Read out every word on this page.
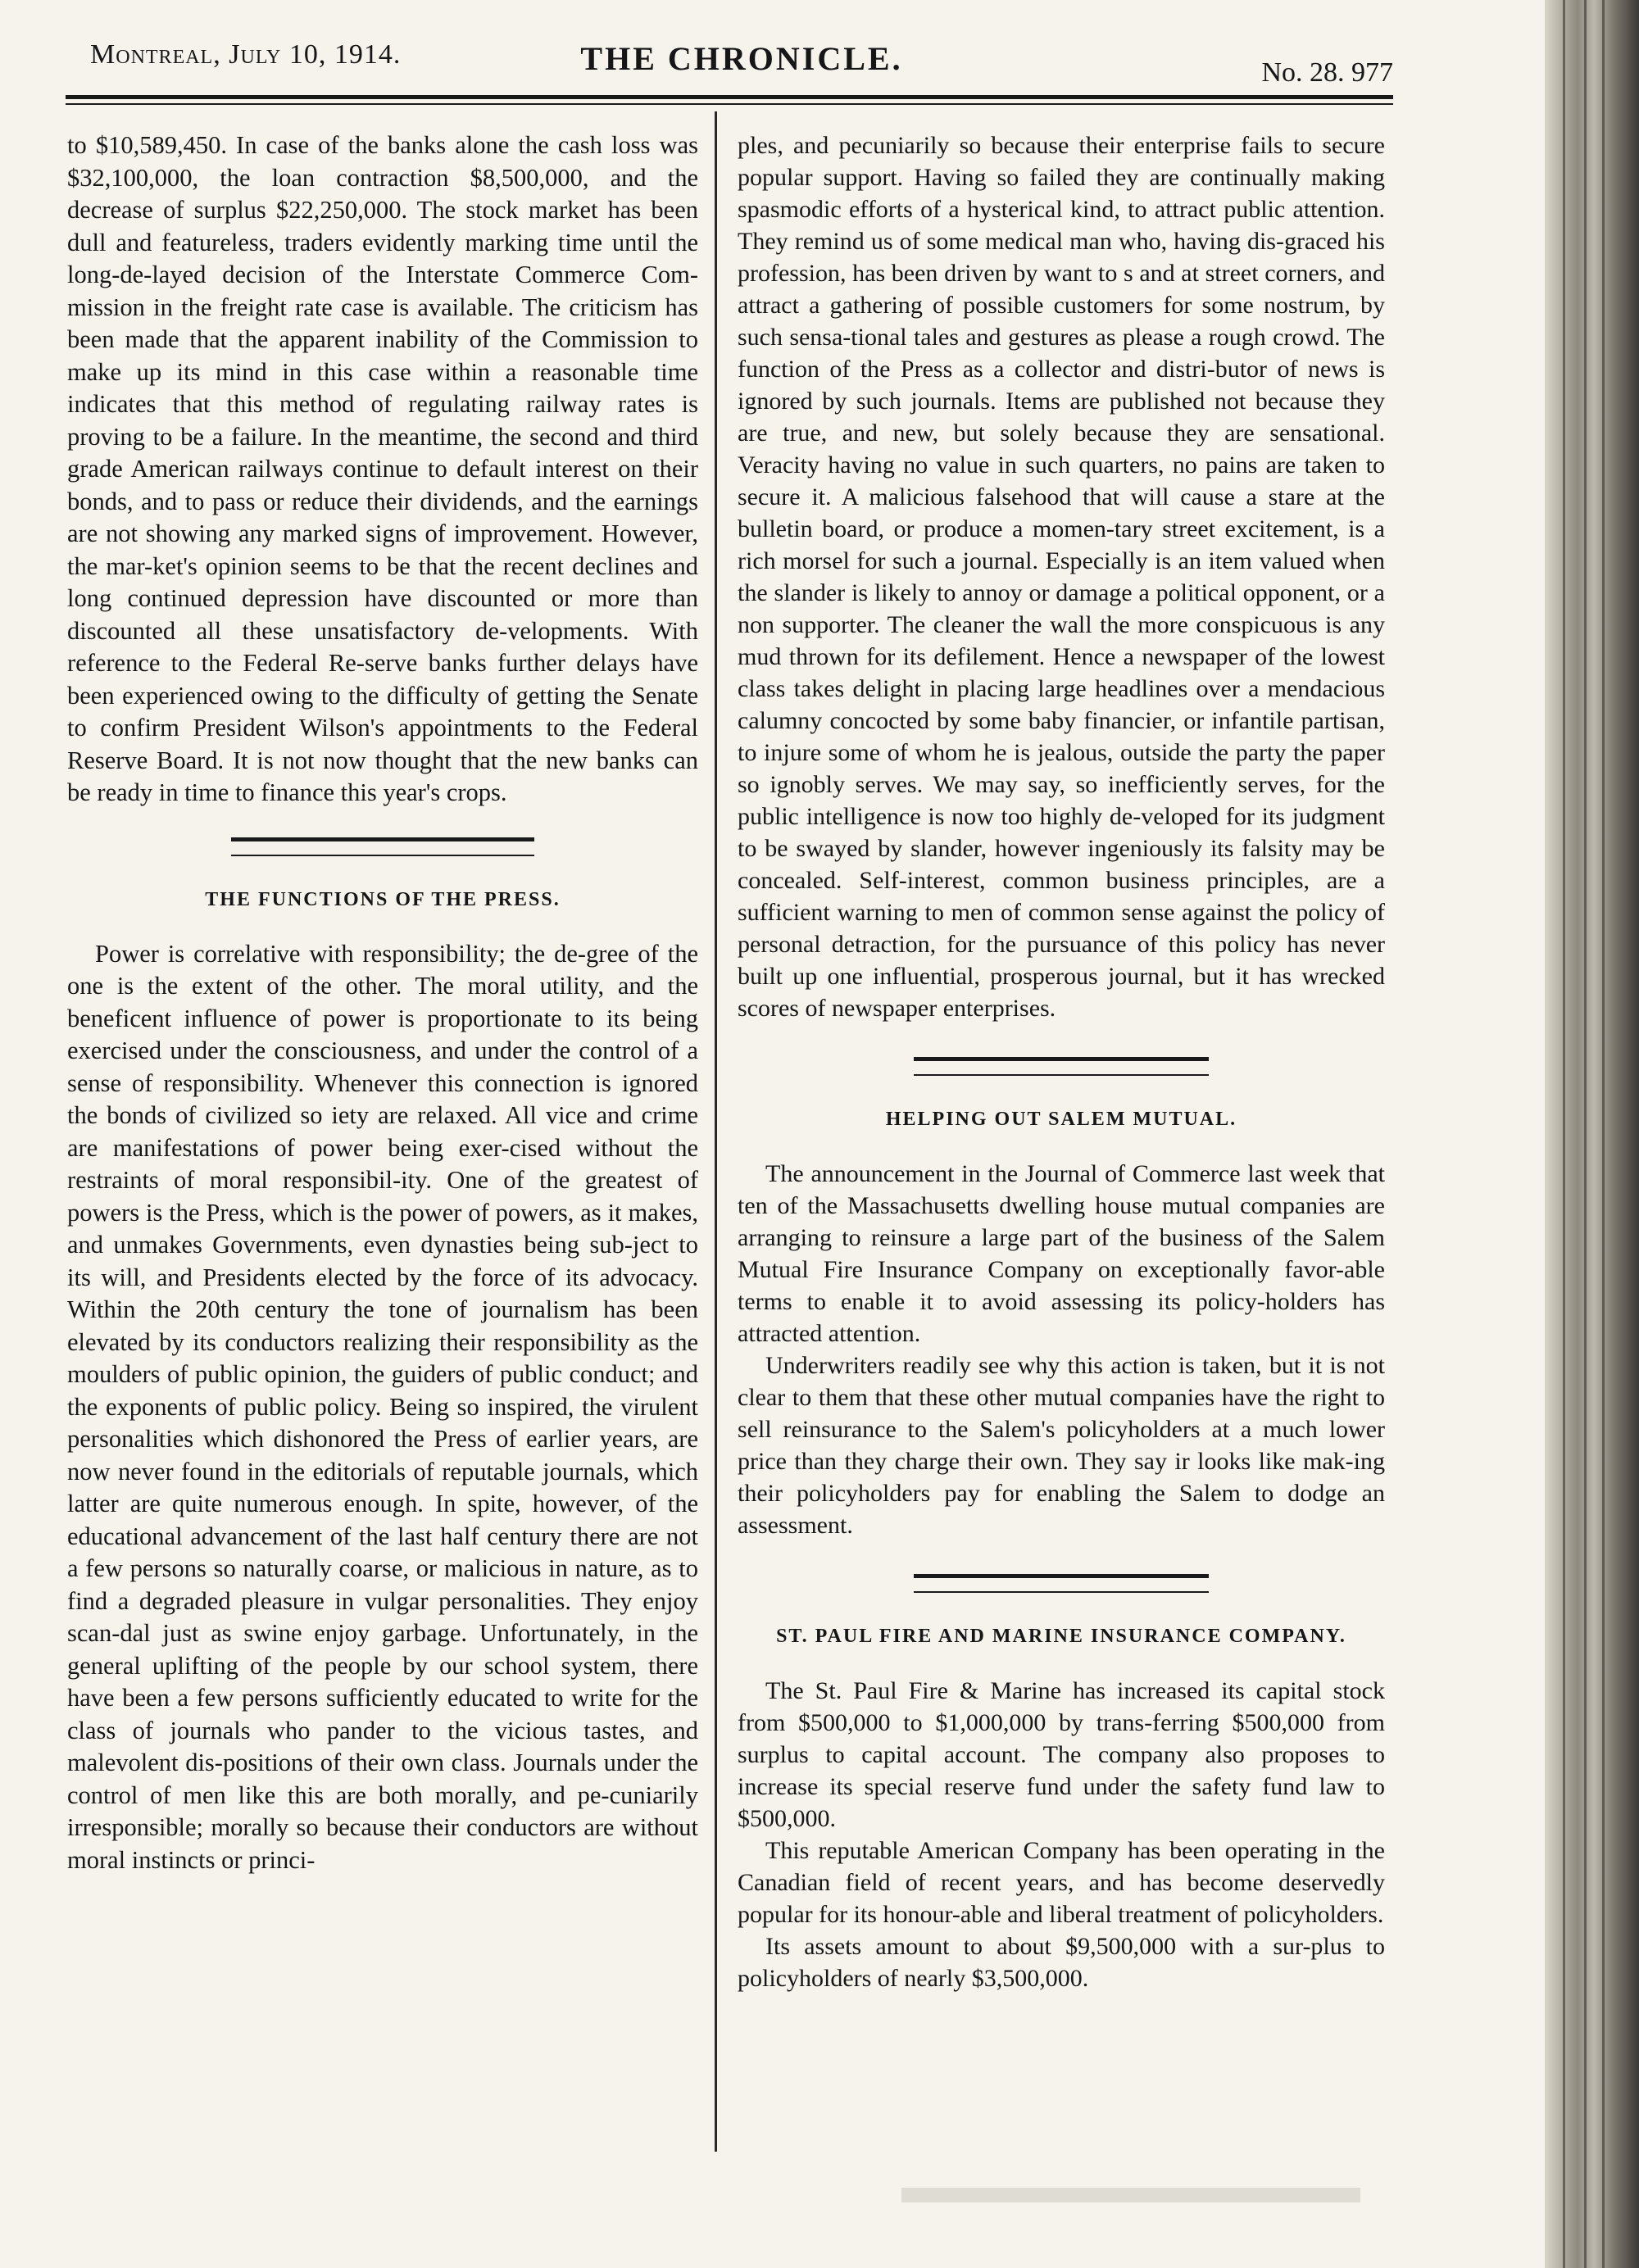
Montreal, July 10, 1914.	THE CHRONICLE.	No. 28. 977

to $10,589,450. In case of the banks alone the cash loss was $32,100,000, the loan contraction $8,500,000, and the decrease of surplus $22,250,000. The stock market has been dull and featureless, traders evidently marking time until the long-de-layed decision of the Interstate Commerce Com-mission in the freight rate case is available. The criticism has been made that the apparent inability of the Commission to make up its mind in this case within a reasonable time indicates that this method of regulating railway rates is proving to be a failure. In the meantime, the second and third grade American railways continue to default interest on their bonds, and to pass or reduce their dividends, and the earnings are not showing any marked signs of improvement. However, the mar-ket's opinion seems to be that the recent declines and long continued depression have discounted or more than discounted all these unsatisfactory de-velopments. With reference to the Federal Re-serve banks further delays have been experienced owing to the difficulty of getting the Senate to confirm President Wilson's appointments to the Federal Reserve Board. It is not now thought that the new banks can be ready in time to finance this year's crops.

THE FUNCTIONS OF THE PRESS.

Power is correlative with responsibility; the de-gree of the one is the extent of the other. The moral utility, and the beneficent influence of power is proportionate to its being exercised under the consciousness, and under the control of a sense of responsibility. Whenever this connection is ignored the bonds of civilized so iety are relaxed. All vice and crime are manifestations of power being exer-cised without the restraints of moral responsibil-ity. One of the greatest of powers is the Press, which is the power of powers, as it makes, and unmakes Governments, even dynasties being sub-ject to its will, and Presidents elected by the force of its advocacy. Within the 20th century the tone of journalism has been elevated by its conductors realizing their responsibility as the moulders of public opinion, the guiders of public conduct; and the exponents of public policy. Being so inspired, the virulent personalities which dishonored the Press of earlier years, are now never found in the editorials of reputable journals, which latter are quite numerous enough. In spite, however, of the educational advancement of the last half century there are not a few persons so naturally coarse, or malicious in nature, as to find a degraded pleasure in vulgar personalities. They enjoy scan-dal just as swine enjoy garbage. Unfortunately, in the general uplifting of the people by our school system, there have been a few persons sufficiently educated to write for the class of journals who pander to the vicious tastes, and malevolent dis-positions of their own class. Journals under the control of men like this are both morally, and pe-cuniarily irresponsible; morally so because their conductors are without moral instincts or princi-

ples, and pecuniarily so because their enterprise fails to secure popular support. Having so failed they are continually making spasmodic efforts of a hysterical kind, to attract public attention. They remind us of some medical man who, having dis-graced his profession, has been driven by want to s and at street corners, and attract a gathering of possible customers for some nostrum, by such sensa-tional tales and gestures as please a rough crowd. The function of the Press as a collector and distri-butor of news is ignored by such journals. Items are published not because they are true, and new, but solely because they are sensational. Veracity having no value in such quarters, no pains are taken to secure it. A malicious falsehood that will cause a stare at the bulletin board, or produce a momen-tary street excitement, is a rich morsel for such a journal. Especially is an item valued when the slander is likely to annoy or damage a political opponent, or a non supporter. The cleaner the wall the more conspicuous is any mud thrown for its defilement. Hence a newspaper of the lowest class takes delight in placing large headlines over a mendacious calumny concocted by some baby financier, or infantile partisan, to injure some of whom he is jealous, outside the party the paper so ignobly serves. We may say, so inefficiently serves, for the public intelligence is now too highly de-veloped for its judgment to be swayed by slander, however ingeniously its falsity may be concealed. Self-interest, common business principles, are a sufficient warning to men of common sense against the policy of personal detraction, for the pursuance of this policy has never built up one influential, prosperous journal, but it has wrecked scores of newspaper enterprises.

HELPING OUT SALEM MUTUAL.

The announcement in the Journal of Commerce last week that ten of the Massachusetts dwelling house mutual companies are arranging to reinsure a large part of the business of the Salem Mutual Fire Insurance Company on exceptionally favor-able terms to enable it to avoid assessing its policy-holders has attracted attention.

Underwriters readily see why this action is taken, but it is not clear to them that these other mutual companies have the right to sell reinsurance to the Salem's policyholders at a much lower price than they charge their own. They say ir looks like mak-ing their policyholders pay for enabling the Salem to dodge an assessment.

ST. PAUL FIRE AND MARINE INSURANCE COMPANY.

The St. Paul Fire & Marine has increased its capital stock from $500,000 to $1,000,000 by trans-ferring $500,000 from surplus to capital account. The company also proposes to increase its special reserve fund under the safety fund law to $500,000.

This reputable American Company has been operating in the Canadian field of recent years, and has become deservedly popular for its honour-able and liberal treatment of policyholders.

Its assets amount to about $9,500,000 with a sur-plus to policyholders of nearly $3,500,000.
